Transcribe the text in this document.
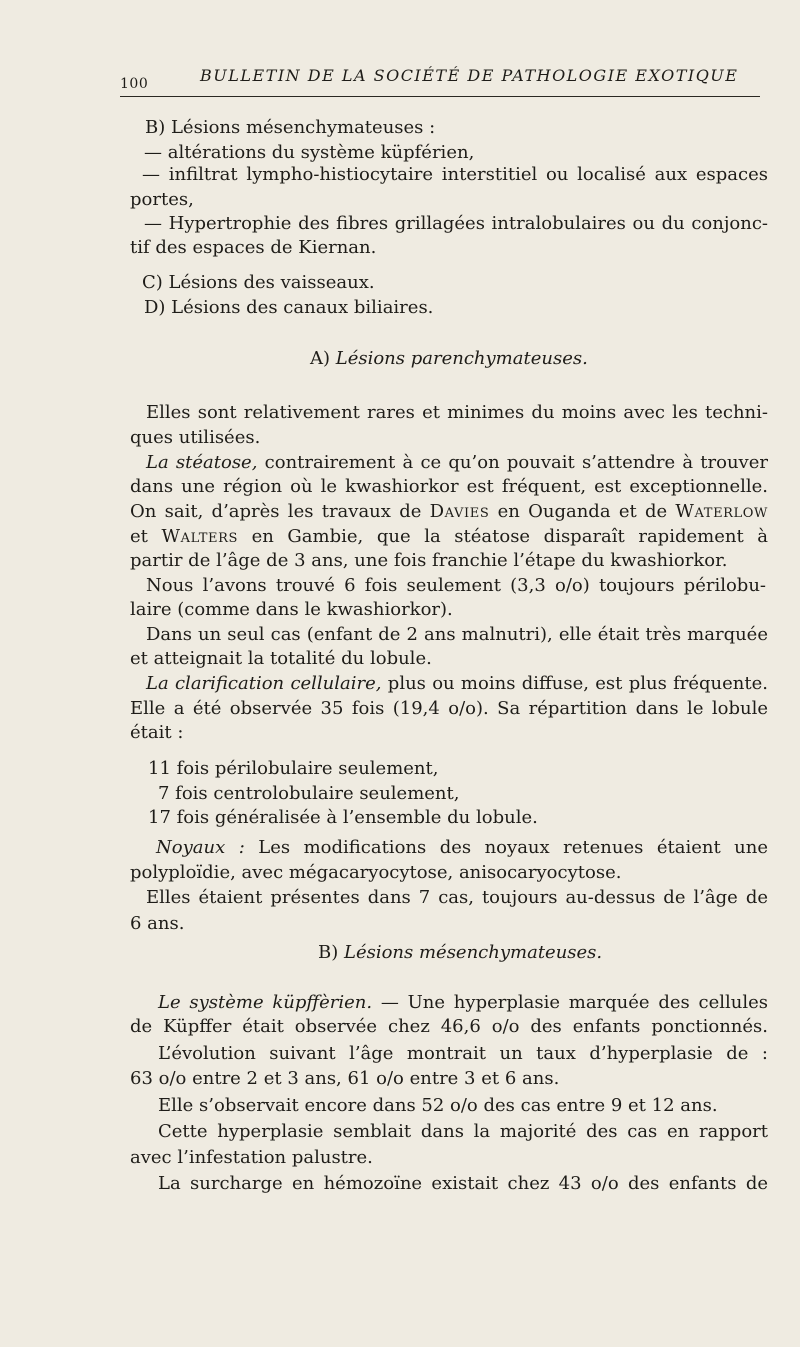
100	BULLETIN DE LA SOCIÉTÉ DE PATHOLOGIE EXOTIQUE
B) Lésions mésenchymateuses :
— altérations du système küpférien,
— infiltrat lympho-histiocytaire interstitiel ou localisé aux espaces
portes,
— Hypertrophie des fibres grillagées intralobulaires ou du conjonc-
tif des espaces de Kiernan.
C) Lésions des vaisseaux.
D) Lésions des canaux biliaires.
A) Lésions parenchymateuses.
Elles sont relativement rares et minimes du moins avec les techni-
ques utilisées.
La stéatose, contrairement à ce qu’on pouvait s’attendre à trouver
dans une région où le kwashiorkor est fréquent, est exceptionnelle.
On sait, d’après les travaux de Davies en Ouganda et de Waterlow
et Walters en Gambie, que la stéatose disparaît rapidement à
partir de l’âge de 3 ans, une fois franchie l’étape du kwashiorkor.
Nous l’avons trouvé 6 fois seulement (3,3 o/o) toujours périlobu-
laire (comme dans le kwashiorkor).
Dans un seul cas (enfant de 2 ans malnutri), elle était très marquée
et atteignait la totalité du lobule.
La clarification cellulaire, plus ou moins diffuse, est plus fréquente.
Elle a été observée 35 fois (19,4 o/o). Sa répartition dans le lobule
était :
11 fois périlobulaire seulement,
7 fois centrolobulaire seulement,
17 fois généralisée à l’ensemble du lobule.
Noyaux : Les modifications des noyaux retenues étaient une
polyploïdie, avec mégacaryocytose, anisocaryocytose.
Elles étaient présentes dans 7 cas, toujours au-dessus de l’âge de
6 ans.
B) Lésions mésenchymateuses.
Le système küpffèrien. — Une hyperplasie marquée des cellules
de Küpffer était observée chez 46,6 o/o des enfants ponctionnés.
L’évolution suivant l’âge montrait un taux d’hyperplasie de :
63 o/o entre 2 et 3 ans, 61 o/o entre 3 et 6 ans.
Elle s’observait encore dans 52 o/o des cas entre 9 et 12 ans.
Cette hyperplasie semblait dans la majorité des cas en rapport
avec l’infestation palustre.
La surcharge en hémozoïne existait chez 43 o/o des enfants de
